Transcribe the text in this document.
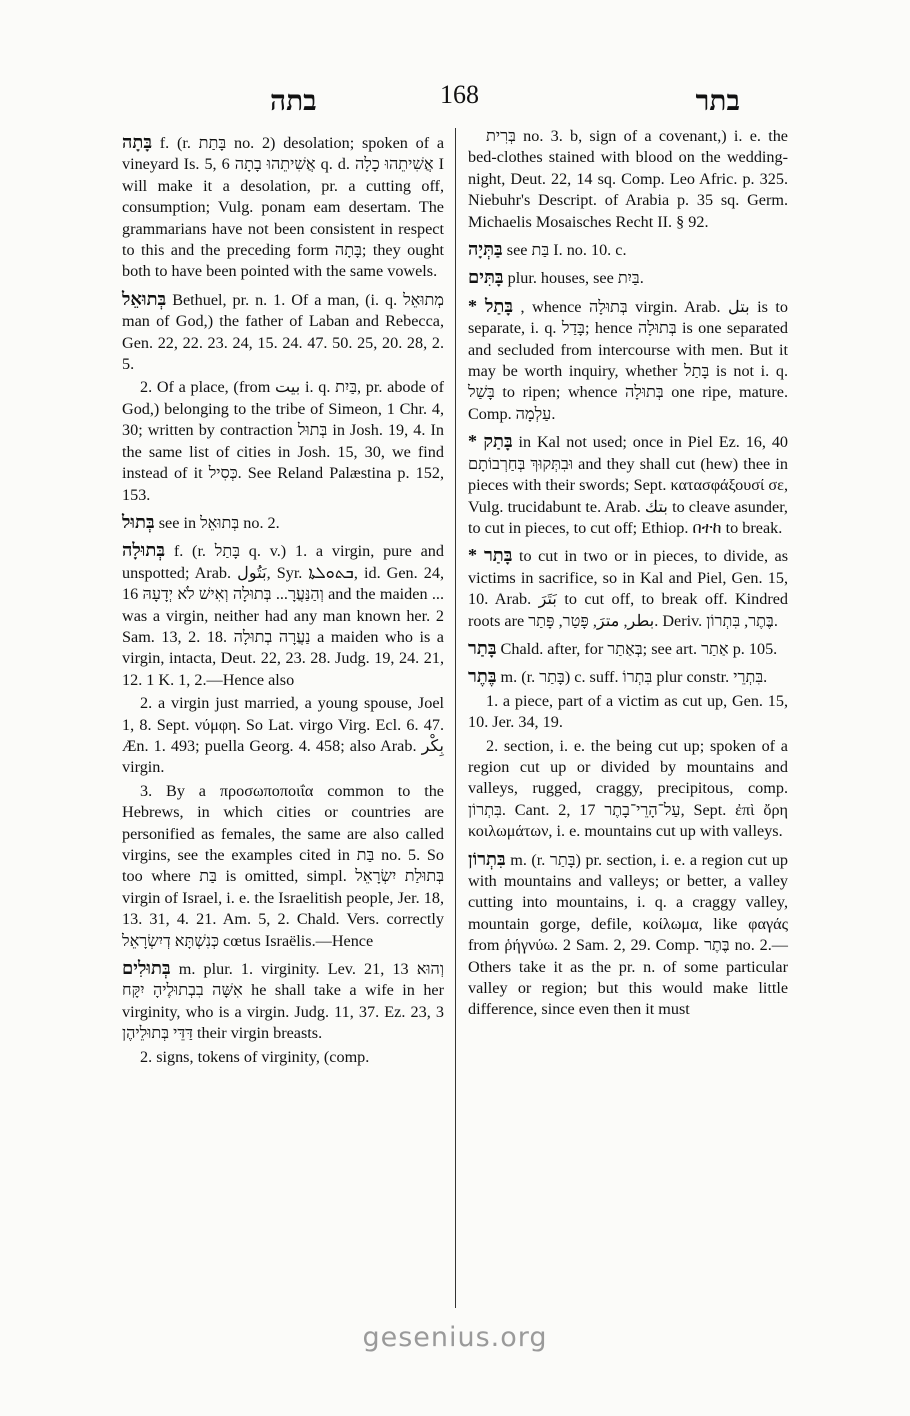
בתה	168	בתר

בָּתָה f. (r. בָּתַת no. 2) desolation; spoken of a vineyard Is. 5, 6 אֲשִׁיתֵהוּ בָתָה q. d. אֲשִׁיתֵהוּ כָלָה I will make it a desolation, pr. a cutting off, consumption; Vulg. ponam eam desertam. The grammarians have not been consistent in respect to this and the preceding form בָּתָה; they ought both to have been pointed with the same vowels.

בְּתוּאֵל Bethuel, pr. n. 1. Of a man, (i. q. מְתוּאֵל man of God,) the father of Laban and Rebecca, Gen. 22, 22. 23. 24, 15. 24. 47. 50. 25, 20. 28, 2. 5.

2. Of a place, (from بيت i. q. בַּיִת, pr. abode of God,) belonging to the tribe of Simeon, 1 Chr. 4, 30; written by contraction בְּתוּל in Josh. 19, 4. In the same list of cities in Josh. 15, 30, we find instead of it כְּסִיל. See Reland Palæstina p. 152, 153.

בְּתוּל see in בְּתוּאֵל no. 2.

בְּתוּלָה f. (r. בָּתַל q. v.) 1. a virgin, pure and unspotted; Arab. بَتُول, Syr. ܒܬܘܠܬܐ, id. Gen. 24, 16 וְהַנַּעֲרָ... בְּתוּלָה וְאִישׁ לֹא יְדָעָהּ and the maiden ... was a virgin, neither had any man known her. 2 Sam. 13, 2. 18. נַעֲרָה בְתוּלָה a maiden who is a virgin, intacta, Deut. 22, 23. 28. Judg. 19, 24. 21, 12. 1 K. 1, 2.—Hence also

2. a virgin just married, a young spouse, Joel 1, 8. Sept. νύμφη. So Lat. virgo Virg. Ecl. 6. 47. Æn. 1. 493; puella Georg. 4. 458; also Arab. بِكْر virgin.

3. By a προσωποποιΐα common to the Hebrews, in which cities or countries are personified as females, the same are also called virgins, see the examples cited in בַּת no. 5. So too where בַּת is omitted, simpl. בְּתוּלַת יִשְׂרָאֵל virgin of Israel, i. e. the Israelitish people, Jer. 18, 13. 31, 4. 21. Am. 5, 2. Chald. Vers. correctly כְּנִשְׁתָּא דְיִשְׂרָאֵל cœtus Israëlis.—Hence

בְּתוּלִים m. plur. 1. virginity. Lev. 21, 13 וְהוּא אִשָּׁה בִבְתוּלֶיהָ יִקָּח he shall take a wife in her virginity, who is a virgin. Judg. 11, 37. Ez. 23, 3 דַּדֵּי בְּתוּלֵיהֶן their virgin breasts.

2. signs, tokens of virginity, (comp.

בְּרִית no. 3. b, sign of a covenant,) i. e. the bed-clothes stained with blood on the wedding-night, Deut. 22, 14 sq. Comp. Leo Afric. p. 325. Niebuhr's Descript. of Arabia p. 35 sq. Germ. Michaelis Mosaisches Recht II. § 92.

בַּתְּיָה see בַּת I. no. 10. c.

בָּתִּים plur. houses, see בַּיִת.

* בָּתַל , whence בְּתוּלָה virgin. Arab. بتل is to separate, i. q. בָּדַל; hence בְּתוּלָה is one separated and secluded from intercourse with men. But it may be worth inquiry, whether בָּתַל is not i. q. בָּשַׁל to ripen; whence בְּתוּלָה one ripe, mature. Comp. עַלְמָה.

* בָּתַק in Kal not used; once in Piel Ez. 16, 40 וּבִתְּקוּךְ בְּחַרְבוֹתָם and they shall cut (hew) thee in pieces with their swords; Sept. κατασφάξουσί σε, Vulg. trucidabunt te. Arab. بتك to cleave asunder, to cut in pieces, to cut off; Ethiop. በተከ to break.

* בָּתַר to cut in two or in pieces, to divide, as victims in sacrifice, so in Kal and Piel, Gen. 15, 10. Arab. بَتَرَ to cut off, to break off. Kindred roots are بطر, مترَ, פָּטַר, פָּתַר. Deriv. בֶּתֶר, בִּתְרוֹן.

בָּתַר Chald. after, for בְּאַתַר; see art. אַתַר p. 105.

בֶּתֶר m. (r. בָּתַר) c. suff. בִּתְרוֹ plur constr. בִּתְרֵי.

1. a piece, part of a victim as cut up, Gen. 15, 10. Jer. 34, 19.

2. section, i. e. the being cut up; spoken of a region cut up or divided by mountains and valleys, rugged, craggy, precipitous, comp. בִּתְרוֹן. Cant. 2, 17 עַל־הָרֵי־בָתֶר, Sept. ἐπὶ ὄρη κοιλωμάτων, i. e. mountains cut up with valleys.

בִּתְרוֹן m. (r. בָּתַר) pr. section, i. e. a region cut up with mountains and valleys; or better, a valley cutting into mountains, i. q. a craggy valley, mountain gorge, defile, κοίλωμα, like φαγάς from ῥήγνύω. 2 Sam. 2, 29. Comp. בֶּתֶר no. 2.—Others take it as the pr. n. of some particular valley or region; but this would make little difference, since even then it must

gesenius.org
